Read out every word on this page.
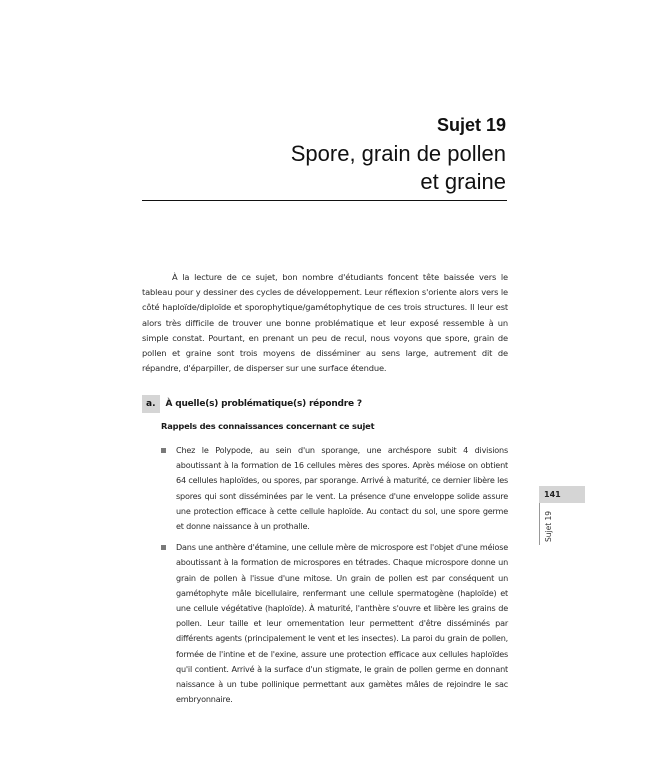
Sujet 19

Spore, grain de pollen
et graine

À la lecture de ce sujet, bon nombre d'étudiants foncent tête baissée vers le tableau pour y dessiner des cycles de développement. Leur réflexion s'oriente alors vers le côté haploïde/diploïde et sporophytique/gamétophytique de ces trois structures. Il leur est alors très difficile de trouver une bonne problématique et leur exposé ressemble à un simple constat. Pourtant, en prenant un peu de recul, nous voyons que spore, grain de pollen et graine sont trois moyens de disséminer au sens large, autrement dit de répandre, d'éparpiller, de disperser sur une surface étendue.

a.	À quelle(s) problématique(s) répondre ?

Rappels des connaissances concernant ce sujet

Chez le Polypode, au sein d'un sporange, une archéspore subit 4 divisions aboutissant à la formation de 16 cellules mères des spores. Après méiose on obtient 64 cellules haploïdes, ou spores, par sporange. Arrivé à maturité, ce dernier libère les spores qui sont disséminées par le vent. La présence d'une enveloppe solide assure une protection efficace à cette cellule haploïde. Au contact du sol, une spore germe et donne naissance à un prothalle.
Dans une anthère d'étamine, une cellule mère de microspore est l'objet d'une méiose aboutissant à la formation de microspores en tétrades. Chaque microspore donne un grain de pollen à l'issue d'une mitose. Un grain de pollen est par conséquent un gamétophyte mâle bicellulaire, renfermant une cellule spermatogène (haploïde) et une cellule végétative (haploïde). À maturité, l'anthère s'ouvre et libère les grains de pollen. Leur taille et leur ornementation leur permettent d'être disséminés par différents agents (principalement le vent et les insectes). La paroi du grain de pollen, formée de l'intine et de l'exine, assure une protection efficace aux cellules haploïdes qu'il contient. Arrivé à la surface d'un stigmate, le grain de pollen germe en donnant naissance à un tube pollinique permettant aux gamètes mâles de rejoindre le sac embryonnaire.
141
Sujet 19
